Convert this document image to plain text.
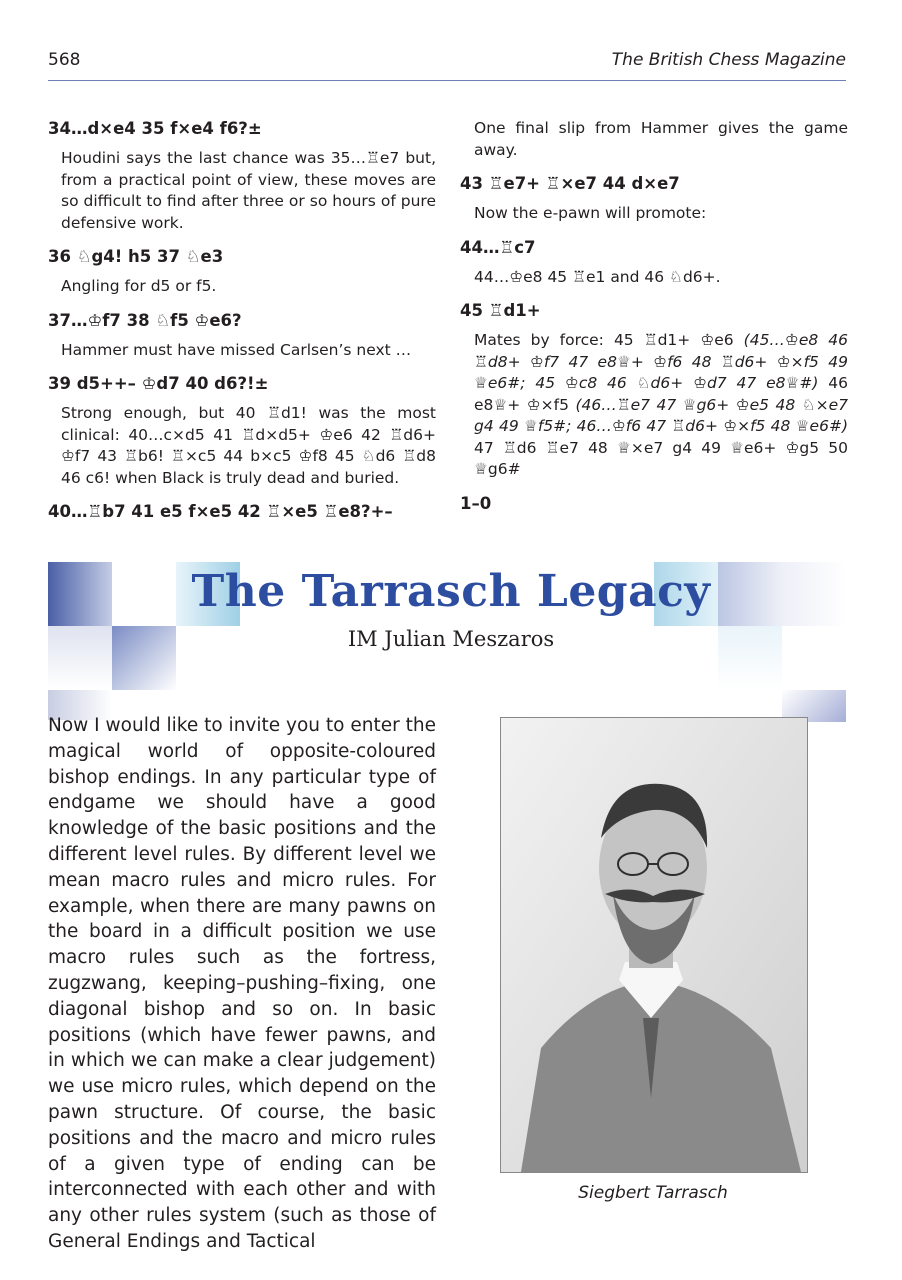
568	The British Chess Magazine
34…d×e4 35 f×e4 f6?±
Houdini says the last chance was 35…♖e7 but, from a practical point of view, these moves are so difficult to find after three or so hours of pure defensive work.
36 ♘g4! h5 37 ♘e3
Angling for d5 or f5.
37…♔f7 38 ♘f5 ♔e6?
Hammer must have missed Carlsen’s next …
39 d5++– ♔d7 40 d6?!±
Strong enough, but 40 ♖d1! was the most clinical: 40…c×d5 41 ♖d×d5+ ♔e6 42 ♖d6+ ♔f7 43 ♖b6! ♖×c5 44 b×c5 ♔f8 45 ♘d6 ♖d8 46 c6! when Black is truly dead and buried.
40…♖b7 41 e5 f×e5 42 ♖×e5 ♖e8?+–
One final slip from Hammer gives the game away.
43 ♖e7+ ♖×e7 44 d×e7
Now the e-pawn will promote:
44…♖c7
44…♔e8 45 ♖e1 and 46 ♘d6+.
45 ♖d1+
Mates by force: 45 ♖d1+ ♔e6 (45…♔e8 46 ♖d8+ ♔f7 47 e8♕+ ♔f6 48 ♖d6+ ♔×f5 49 ♕e6#; 45 ♔c8 46 ♘d6+ ♔d7 47 e8♕#) 46 e8♕+ ♔×f5 (46…♖e7 47 ♕g6+ ♔e5 48 ♘×e7 g4 49 ♕f5#; 46…♔f6 47 ♖d6+ ♔×f5 48 ♕e6#) 47 ♖d6 ♖e7 48 ♕×e7 g4 49 ♕e6+ ♔g5 50 ♕g6#
1–0
The Tarrasch Legacy
IM Julian Meszaros
Now I would like to invite you to enter the magical world of opposite-coloured bishop endings. In any particular type of endgame we should have a good knowledge of the basic positions and the different level rules. By different level we mean macro rules and micro rules. For example, when there are many pawns on the board in a difficult position we use macro rules such as the fortress, zugzwang, keeping–pushing–fixing, one diagonal bishop and so on. In basic positions (which have fewer pawns, and in which we can make a clear judgement) we use micro rules, which depend on the pawn structure. Of course, the basic positions and the macro and micro rules of a given type of ending can be interconnected with each other and with any other rules system (such as those of General Endings and Tactical
Siegbert Tarrasch
